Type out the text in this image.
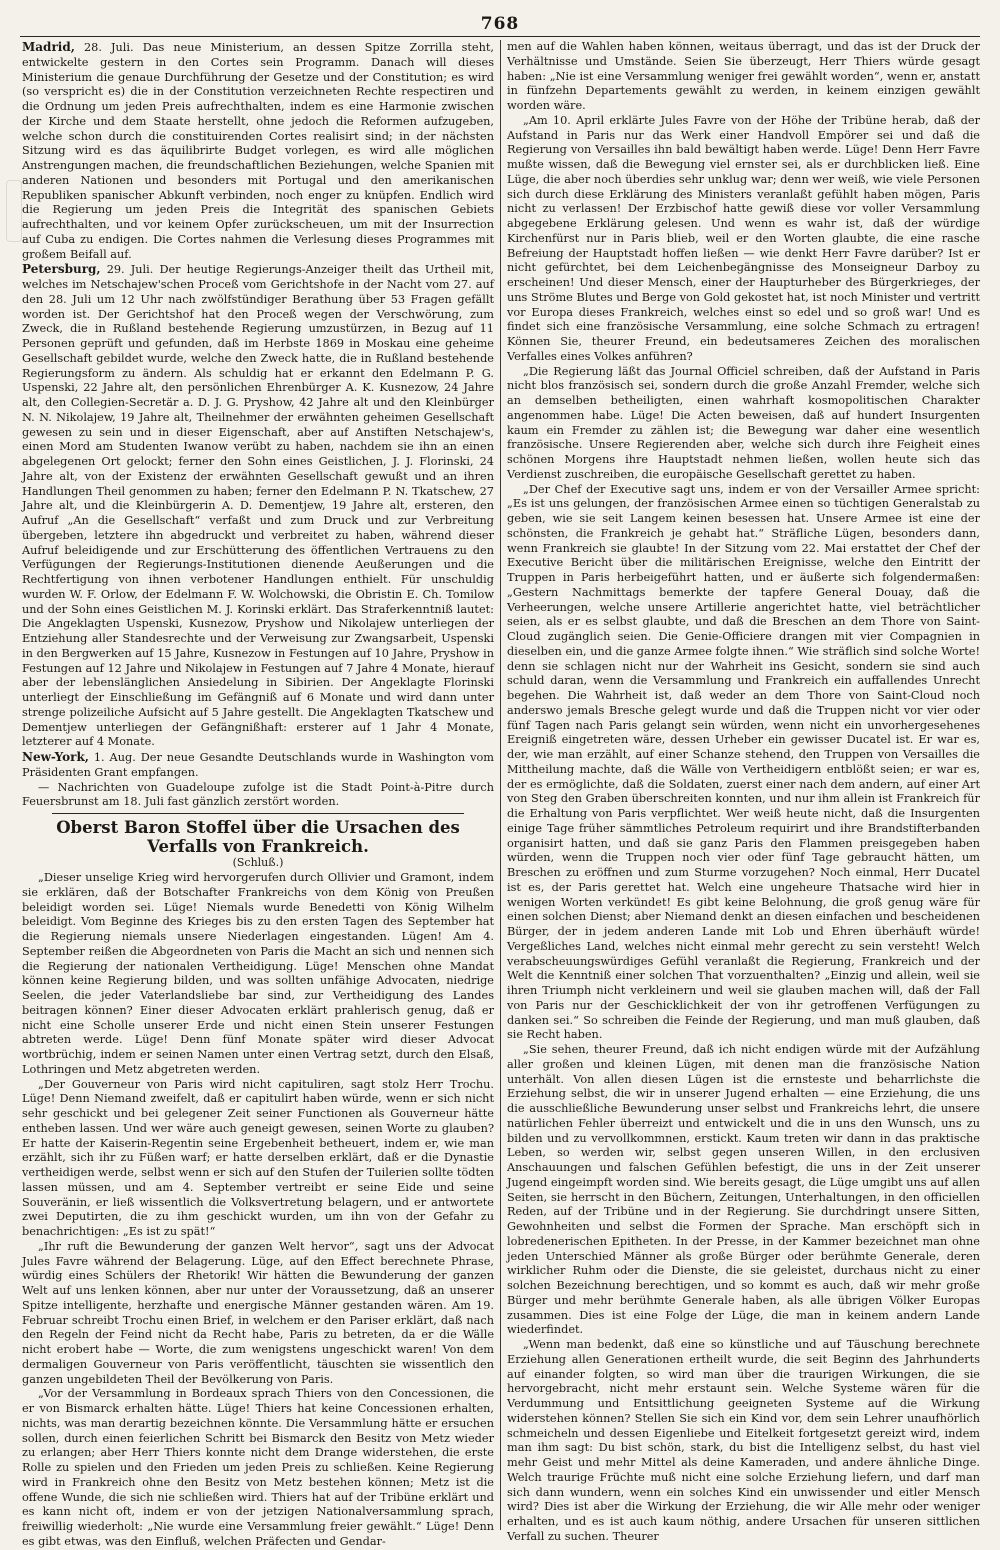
768

Madrid, 28. Juli. Das neue Ministerium, an dessen Spitze Zorrilla steht, entwickelte gestern in den Cortes sein Programm. Danach will dieses Ministerium die genaue Durchführung der Gesetze und der Constitution; es wird (so verspricht es) die in der Constitution verzeichneten Rechte respectiren und die Ordnung um jeden Preis aufrechthalten, indem es eine Harmonie zwischen der Kirche und dem Staate herstellt, ohne jedoch die Reformen aufzugeben, welche schon durch die constituirenden Cortes realisirt sind; in der nächsten Sitzung wird es das äquilibrirte Budget vorlegen, es wird alle möglichen Anstrengungen machen, die freundschaftlichen Beziehungen, welche Spanien mit anderen Nationen und besonders mit Portugal und den amerikanischen Republiken spanischer Abkunft verbinden, noch enger zu knüpfen. Endlich wird die Regierung um jeden Preis die Integrität des spanischen Gebiets aufrechthalten, und vor keinem Opfer zurückscheuen, um mit der Insurrection auf Cuba zu endigen. Die Cortes nahmen die Verlesung dieses Programmes mit großem Beifall auf.

Petersburg, 29. Juli. Der heutige Regierungs-Anzeiger theilt das Urtheil mit, welches im Netschajew'schen Proceß vom Gerichtshofe in der Nacht vom 27. auf den 28. Juli um 12 Uhr nach zwölfstündiger Berathung über 53 Fragen gefällt worden ist. Der Gerichtshof hat den Proceß wegen der Verschwörung, zum Zweck, die in Rußland bestehende Regierung umzustürzen, in Bezug auf 11 Personen geprüft und gefunden, daß im Herbste 1869 in Moskau eine geheime Gesellschaft gebildet wurde, welche den Zweck hatte, die in Rußland bestehende Regierungsform zu ändern. Als schuldig hat er erkannt den Edelmann P. G. Uspenski, 22 Jahre alt, den persönlichen Ehrenbürger A. K. Kusnezow, 24 Jahre alt, den Collegien-Secretär a. D. J. G. Pryshow, 42 Jahre alt und den Kleinbürger N. N. Nikolajew, 19 Jahre alt, Theilnehmer der erwähnten geheimen Gesellschaft gewesen zu sein und in dieser Eigenschaft, aber auf Anstiften Netschajew's, einen Mord am Studenten Iwanow verübt zu haben, nachdem sie ihn an einen abgelegenen Ort gelockt; ferner den Sohn eines Geistlichen, J. J. Florinski, 24 Jahre alt, von der Existenz der erwähnten Gesellschaft gewußt und an ihren Handlungen Theil genommen zu haben; ferner den Edelmann P. N. Tkatschew, 27 Jahre alt, und die Kleinbürgerin A. D. Dementjew, 19 Jahre alt, ersteren, den Aufruf „An die Gesellschaft“ verfaßt und zum Druck und zur Verbreitung übergeben, letztere ihn abgedruckt und verbreitet zu haben, während dieser Aufruf beleidigende und zur Erschütterung des öffentlichen Vertrauens zu den Verfügungen der Regierungs-Institutionen dienende Aeußerungen und die Rechtfertigung von ihnen verbotener Handlungen enthielt. Für unschuldig wurden W. F. Orlow, der Edelmann F. W. Wolchowski, die Obristin E. Ch. Tomilow und der Sohn eines Geistlichen M. J. Korinski erklärt. Das Straferkenntniß lautet: Die Angeklagten Uspenski, Kusnezow, Pryshow und Nikolajew unterliegen der Entziehung aller Standesrechte und der Verweisung zur Zwangsarbeit, Uspenski in den Bergwerken auf 15 Jahre, Kusnezow in Festungen auf 10 Jahre, Pryshow in Festungen auf 12 Jahre und Nikolajew in Festungen auf 7 Jahre 4 Monate, hierauf aber der lebenslänglichen Ansiedelung in Sibirien. Der Angeklagte Florinski unterliegt der Einschließung im Gefängniß auf 6 Monate und wird dann unter strenge polizeiliche Aufsicht auf 5 Jahre gestellt. Die Angeklagten Tkatschew und Dementjew unterliegen der Gefängnißhaft: ersterer auf 1 Jahr 4 Monate, letzterer auf 4 Monate.

New-York, 1. Aug. Der neue Gesandte Deutschlands wurde in Washington vom Präsidenten Grant empfangen.

— Nachrichten von Guadeloupe zufolge ist die Stadt Point-à-Pitre durch Feuersbrunst am 18. Juli fast gänzlich zerstört worden.

Oberst Baron Stoffel über die Ursachen des Verfalls von Frankreich.
(Schluß.)

„Dieser unselige Krieg wird hervorgerufen durch Ollivier und Gramont, indem sie erklären, daß der Botschafter Frankreichs von dem König von Preußen beleidigt worden sei. Lüge! Niemals wurde Benedetti von König Wilhelm beleidigt. Vom Beginne des Krieges bis zu den ersten Tagen des September hat die Regierung niemals unsere Niederlagen eingestanden. Lügen! Am 4. September reißen die Abgeordneten von Paris die Macht an sich und nennen sich die Regierung der nationalen Vertheidigung. Lüge! Menschen ohne Mandat können keine Regierung bilden, und was sollten unfähige Advocaten, niedrige Seelen, die jeder Vaterlandsliebe bar sind, zur Vertheidigung des Landes beitragen können? Einer dieser Advocaten erklärt prahlerisch genug, daß er nicht eine Scholle unserer Erde und nicht einen Stein unserer Festungen abtreten werde. Lüge! Denn fünf Monate später wird dieser Advocat wortbrüchig, indem er seinen Namen unter einen Vertrag setzt, durch den Elsaß, Lothringen und Metz abgetreten werden.

„Der Gouverneur von Paris wird nicht capituliren, sagt stolz Herr Trochu. Lüge! Denn Niemand zweifelt, daß er capitulirt haben würde, wenn er sich nicht sehr geschickt und bei gelegener Zeit seiner Functionen als Gouverneur hätte entheben lassen. Und wer wäre auch geneigt gewesen, seinen Worte zu glauben? Er hatte der Kaiserin-Regentin seine Ergebenheit betheuert, indem er, wie man erzählt, sich ihr zu Füßen warf; er hatte derselben erklärt, daß er die Dynastie vertheidigen werde, selbst wenn er sich auf den Stufen der Tuilerien sollte tödten lassen müssen, und am 4. September vertreibt er seine Eide und seine Souveränin, er ließ wissentlich die Volksvertretung belagern, und er antwortete zwei Deputirten, die zu ihm geschickt wurden, um ihn von der Gefahr zu benachrichtigen: „Es ist zu spät!“

„Ihr ruft die Bewunderung der ganzen Welt hervor“, sagt uns der Advocat Jules Favre während der Belagerung. Lüge, auf den Effect berechnete Phrase, würdig eines Schülers der Rhetorik! Wir hätten die Bewunderung der ganzen Welt auf uns lenken können, aber nur unter der Voraussetzung, daß an unserer Spitze intelligente, herzhafte und energische Männer gestanden wären. Am 19. Februar schreibt Trochu einen Brief, in welchem er den Pariser erklärt, daß nach den Regeln der Feind nicht da Recht habe, Paris zu betreten, da er die Wälle nicht erobert habe — Worte, die zum wenigstens ungeschickt waren! Von dem dermaligen Gouverneur von Paris veröffentlicht, täuschten sie wissentlich den ganzen ungebildeten Theil der Bevölkerung von Paris.

„Vor der Versammlung in Bordeaux sprach Thiers von den Concessionen, die er von Bismarck erhalten hätte. Lüge! Thiers hat keine Concessionen erhalten, nichts, was man derartig bezeichnen könnte. Die Versammlung hätte er ersuchen sollen, durch einen feierlichen Schritt bei Bismarck den Besitz von Metz wieder zu erlangen; aber Herr Thiers konnte nicht dem Drange widerstehen, die erste Rolle zu spielen und den Frieden um jeden Preis zu schließen. Keine Regierung wird in Frankreich ohne den Besitz von Metz bestehen können; Metz ist die offene Wunde, die sich nie schließen wird. Thiers hat auf der Tribüne erklärt und es kann nicht oft, indem er von der jetzigen Nationalversammlung sprach, freiwillig wiederholt: „Nie wurde eine Versammlung freier gewählt.“ Lüge! Denn es gibt etwas, was den Einfluß, welchen Präfecten und Gendar-

men auf die Wahlen haben können, weitaus überragt, und das ist der Druck der Verhältnisse und Umstände. Seien Sie überzeugt, Herr Thiers würde gesagt haben: „Nie ist eine Versammlung weniger frei gewählt worden“, wenn er, anstatt in fünfzehn Departements gewählt zu werden, in keinem einzigen gewählt worden wäre.

„Am 10. April erklärte Jules Favre von der Höhe der Tribüne herab, daß der Aufstand in Paris nur das Werk einer Handvoll Empörer sei und daß die Regierung von Versailles ihn bald bewältigt haben werde. Lüge! Denn Herr Favre mußte wissen, daß die Bewegung viel ernster sei, als er durchblicken ließ. Eine Lüge, die aber noch überdies sehr unklug war; denn wer weiß, wie viele Personen sich durch diese Erklärung des Ministers veranlaßt gefühlt haben mögen, Paris nicht zu verlassen! Der Erzbischof hatte gewiß diese vor voller Versammlung abgegebene Erklärung gelesen. Und wenn es wahr ist, daß der würdige Kirchenfürst nur in Paris blieb, weil er den Worten glaubte, die eine rasche Befreiung der Hauptstadt hoffen ließen — wie denkt Herr Favre darüber? Ist er nicht gefürchtet, bei dem Leichenbegängnisse des Monseigneur Darboy zu erscheinen! Und dieser Mensch, einer der Haupturheber des Bürgerkrieges, der uns Ströme Blutes und Berge von Gold gekostet hat, ist noch Minister und vertritt vor Europa dieses Frankreich, welches einst so edel und so groß war! Und es findet sich eine französische Versammlung, eine solche Schmach zu ertragen! Können Sie, theurer Freund, ein bedeutsameres Zeichen des moralischen Verfalles eines Volkes anführen?

„Die Regierung läßt das Journal Officiel schreiben, daß der Aufstand in Paris nicht blos französisch sei, sondern durch die große Anzahl Fremder, welche sich an demselben betheiligten, einen wahrhaft kosmopolitischen Charakter angenommen habe. Lüge! Die Acten beweisen, daß auf hundert Insurgenten kaum ein Fremder zu zählen ist; die Bewegung war daher eine wesentlich französische. Unsere Regierenden aber, welche sich durch ihre Feigheit eines schönen Morgens ihre Hauptstadt nehmen ließen, wollen heute sich das Verdienst zuschreiben, die europäische Gesellschaft gerettet zu haben.

„Der Chef der Executive sagt uns, indem er von der Versailler Armee spricht: „Es ist uns gelungen, der französischen Armee einen so tüchtigen Generalstab zu geben, wie sie seit Langem keinen besessen hat. Unsere Armee ist eine der schönsten, die Frankreich je gehabt hat.“ Sträfliche Lügen, besonders dann, wenn Frankreich sie glaubte! In der Sitzung vom 22. Mai erstattet der Chef der Executive Bericht über die militärischen Ereignisse, welche den Eintritt der Truppen in Paris herbeigeführt hatten, und er äußerte sich folgendermaßen: „Gestern Nachmittags bemerkte der tapfere General Douay, daß die Verheerungen, welche unsere Artillerie angerichtet hatte, viel beträchtlicher seien, als er es selbst glaubte, und daß die Breschen an dem Thore von Saint-Cloud zugänglich seien. Die Genie-Officiere drangen mit vier Compagnien in dieselben ein, und die ganze Armee folgte ihnen.“ Wie sträflich sind solche Worte! denn sie schlagen nicht nur der Wahrheit ins Gesicht, sondern sie sind auch schuld daran, wenn die Versammlung und Frankreich ein auffallendes Unrecht begehen. Die Wahrheit ist, daß weder an dem Thore von Saint-Cloud noch anderswo jemals Bresche gelegt wurde und daß die Truppen nicht vor vier oder fünf Tagen nach Paris gelangt sein würden, wenn nicht ein unvorhergesehenes Ereigniß eingetreten wäre, dessen Urheber ein gewisser Ducatel ist. Er war es, der, wie man erzählt, auf einer Schanze stehend, den Truppen von Versailles die Mittheilung machte, daß die Wälle von Vertheidigern entblößt seien; er war es, der es ermöglichte, daß die Soldaten, zuerst einer nach dem andern, auf einer Art von Steg den Graben überschreiten konnten, und nur ihm allein ist Frankreich für die Erhaltung von Paris verpflichtet. Wer weiß heute nicht, daß die Insurgenten einige Tage früher sämmtliches Petroleum requirirt und ihre Brandstifterbanden organisirt hatten, und daß sie ganz Paris den Flammen preisgegeben haben würden, wenn die Truppen noch vier oder fünf Tage gebraucht hätten, um Breschen zu eröffnen und zum Sturme vorzugehen? Noch einmal, Herr Ducatel ist es, der Paris gerettet hat. Welch eine ungeheure Thatsache wird hier in wenigen Worten verkündet! Es gibt keine Belohnung, die groß genug wäre für einen solchen Dienst; aber Niemand denkt an diesen einfachen und bescheidenen Bürger, der in jedem anderen Lande mit Lob und Ehren überhäuft würde! Vergeßliches Land, welches nicht einmal mehr gerecht zu sein versteht! Welch verabscheuungswürdiges Gefühl veranlaßt die Regierung, Frankreich und der Welt die Kenntniß einer solchen That vorzuenthalten? „Einzig und allein, weil sie ihren Triumph nicht verkleinern und weil sie glauben machen will, daß der Fall von Paris nur der Geschicklichkeit der von ihr getroffenen Verfügungen zu danken sei.“ So schreiben die Feinde der Regierung, und man muß glauben, daß sie Recht haben.

„Sie sehen, theurer Freund, daß ich nicht endigen würde mit der Aufzählung aller großen und kleinen Lügen, mit denen man die französische Nation unterhält. Von allen diesen Lügen ist die ernsteste und beharrlichste die Erziehung selbst, die wir in unserer Jugend erhalten — eine Erziehung, die uns die ausschließliche Bewunderung unser selbst und Frankreichs lehrt, die unsere natürlichen Fehler überreizt und entwickelt und die in uns den Wunsch, uns zu bilden und zu vervollkommnen, erstickt. Kaum treten wir dann in das praktische Leben, so werden wir, selbst gegen unseren Willen, in den erclusiven Anschauungen und falschen Gefühlen befestigt, die uns in der Zeit unserer Jugend eingeimpft worden sind. Wie bereits gesagt, die Lüge umgibt uns auf allen Seiten, sie herrscht in den Büchern, Zeitungen, Unterhaltungen, in den officiellen Reden, auf der Tribüne und in der Regierung. Sie durchdringt unsere Sitten, Gewohnheiten und selbst die Formen der Sprache. Man erschöpft sich in lobredenerischen Epitheten. In der Presse, in der Kammer bezeichnet man ohne jeden Unterschied Männer als große Bürger oder berühmte Generale, deren wirklicher Ruhm oder die Dienste, die sie geleistet, durchaus nicht zu einer solchen Bezeichnung berechtigen, und so kommt es auch, daß wir mehr große Bürger und mehr berühmte Generale haben, als alle übrigen Völker Europas zusammen. Dies ist eine Folge der Lüge, die man in keinem andern Lande wiederfindet.

„Wenn man bedenkt, daß eine so künstliche und auf Täuschung berechnete Erziehung allen Generationen ertheilt wurde, die seit Beginn des Jahrhunderts auf einander folgten, so wird man über die traurigen Wirkungen, die sie hervorgebracht, nicht mehr erstaunt sein. Welche Systeme wären für die Verdummung und Entsittlichung geeigneten Systeme auf die Wirkung widerstehen können? Stellen Sie sich ein Kind vor, dem sein Lehrer unaufhörlich schmeicheln und dessen Eigenliebe und Eitelkeit fortgesetzt gereizt wird, indem man ihm sagt: Du bist schön, stark, du bist die Intelligenz selbst, du hast viel mehr Geist und mehr Mittel als deine Kameraden, und andere ähnliche Dinge. Welch traurige Früchte muß nicht eine solche Erziehung liefern, und darf man sich dann wundern, wenn ein solches Kind ein unwissender und eitler Mensch wird? Dies ist aber die Wirkung der Erziehung, die wir Alle mehr oder weniger erhalten, und es ist auch kaum nöthig, andere Ursachen für unseren sittlichen Verfall zu suchen. Theurer
